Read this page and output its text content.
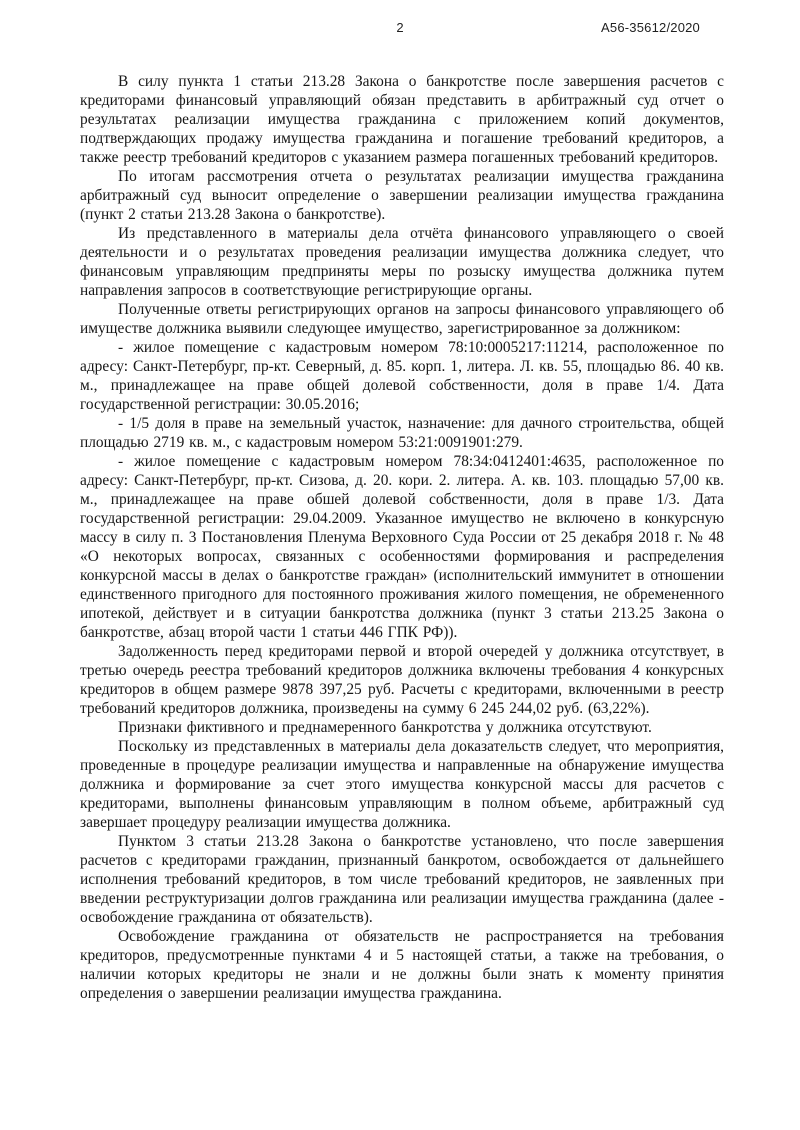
2	А56-35612/2020

В силу пункта 1 статьи 213.28 Закона о банкротстве после завершения расчетов с кредиторами финансовый управляющий обязан представить в арбитражный суд отчет о результатах реализации имущества гражданина с приложением копий документов, подтверждающих продажу имущества гражданина и погашение требований кредиторов, а также реестр требований кредиторов с указанием размера погашенных требований кредиторов.

По итогам рассмотрения отчета о результатах реализации имущества гражданина арбитражный суд выносит определение о завершении реализации имущества гражданина (пункт 2 статьи 213.28 Закона о банкротстве).

Из представленного в материалы дела отчёта финансового управляющего о своей деятельности и о результатах проведения реализации имущества должника следует, что финансовым управляющим предприняты меры по розыску имущества должника путем направления запросов в соответствующие регистрирующие органы.

Полученные ответы регистрирующих органов на запросы финансового управляющего об имуществе должника выявили следующее имущество, зарегистрированное за должником:

- жилое помещение с кадастровым номером 78:10:0005217:11214, расположенное по адресу: Санкт-Петербург, пр-кт. Северный, д. 85. корп. 1, литера. Л. кв. 55, площадью 86. 40 кв. м., принадлежащее на праве общей долевой собственности, доля в праве 1/4. Дата государственной регистрации: 30.05.2016;

- 1/5 доля в праве на земельный участок, назначение: для дачного строительства, общей площадью 2719 кв. м., с кадастровым номером 53:21:0091901:279.

- жилое помещение с кадастровым номером 78:34:0412401:4635, расположенное по адресу: Санкт-Петербург, пр-кт. Сизова, д. 20. кори. 2. литера. А. кв. 103. площадью 57,00 кв. м., принадлежащее на праве обшей долевой собственности, доля в праве 1/3. Дата государственной регистрации: 29.04.2009. Указанное имущество не включено в конкурсную массу в силу п. 3 Постановления Пленума Верховного Суда России от 25 декабря 2018 г. № 48 «О некоторых вопросах, связанных с особенностями формирования и распределения конкурсной массы в делах о банкротстве граждан» (исполнительский иммунитет в отношении единственного пригодного для постоянного проживания жилого помещения, не обремененного ипотекой, действует и в ситуации банкротства должника (пункт 3 статьи 213.25 Закона о банкротстве, абзац второй части 1 статьи 446 ГПК РФ)).

Задолженность перед кредиторами первой и второй очередей у должника отсутствует, в третью очередь реестра требований кредиторов должника включены требования 4 конкурсных кредиторов в общем размере 9878 397,25 руб. Расчеты с кредиторами, включенными в реестр требований кредиторов должника, произведены на сумму 6 245 244,02 руб. (63,22%).

Признаки фиктивного и преднамеренного банкротства у должника отсутствуют.

Поскольку из представленных в материалы дела доказательств следует, что мероприятия, проведенные в процедуре реализации имущества и направленные на обнаружение имущества должника и формирование за счет этого имущества конкурсной массы для расчетов с кредиторами, выполнены финансовым управляющим в полном объеме, арбитражный суд завершает процедуру реализации имущества должника.

Пунктом 3 статьи 213.28 Закона о банкротстве установлено, что после завершения расчетов с кредиторами гражданин, признанный банкротом, освобождается от дальнейшего исполнения требований кредиторов, в том числе требований кредиторов, не заявленных при введении реструктуризации долгов гражданина или реализации имущества гражданина (далее - освобождение гражданина от обязательств).

Освобождение гражданина от обязательств не распространяется на требования кредиторов, предусмотренные пунктами 4 и 5 настоящей статьи, а также на требования, о наличии которых кредиторы не знали и не должны были знать к моменту принятия определения о завершении реализации имущества гражданина.
